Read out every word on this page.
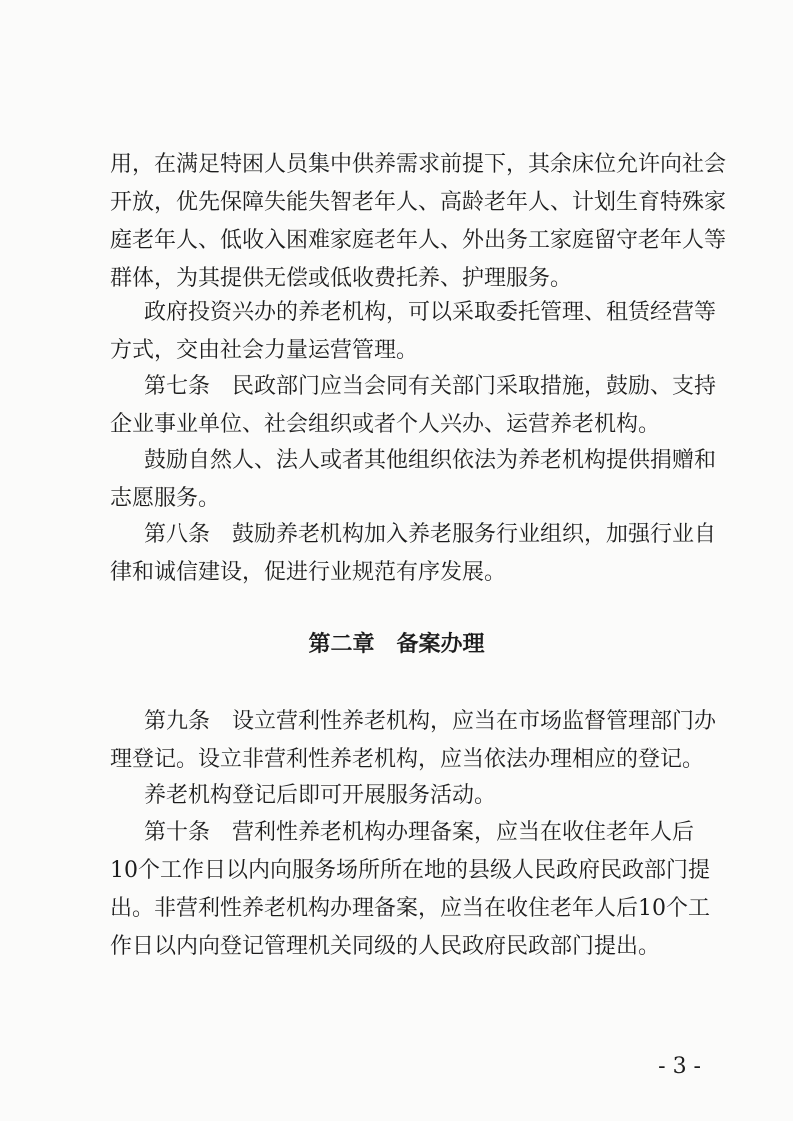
用，在满足特困人员集中供养需求前提下，其余床位允许向社会
开放，优先保障失能失智老年人、高龄老年人、计划生育特殊家
庭老年人、低收入困难家庭老年人、外出务工家庭留守老年人等
群体，为其提供无偿或低收费托养、护理服务。

政府投资兴办的养老机构，可以采取委托管理、租赁经营等
方式，交由社会力量运营管理。

第七条　民政部门应当会同有关部门采取措施，鼓励、支持
企业事业单位、社会组织或者个人兴办、运营养老机构。

鼓励自然人、法人或者其他组织依法为养老机构提供捐赠和
志愿服务。

第八条　鼓励养老机构加入养老服务行业组织，加强行业自
律和诚信建设，促进行业规范有序发展。

第二章　备案办理

第九条　设立营利性养老机构，应当在市场监督管理部门办
理登记。设立非营利性养老机构，应当依法办理相应的登记。

养老机构登记后即可开展服务活动。

第十条　营利性养老机构办理备案，应当在收住老年人后
10个工作日以内向服务场所所在地的县级人民政府民政部门提
出。非营利性养老机构办理备案，应当在收住老年人后10个工
作日以内向登记管理机关同级的人民政府民政部门提出。

- 3 -
